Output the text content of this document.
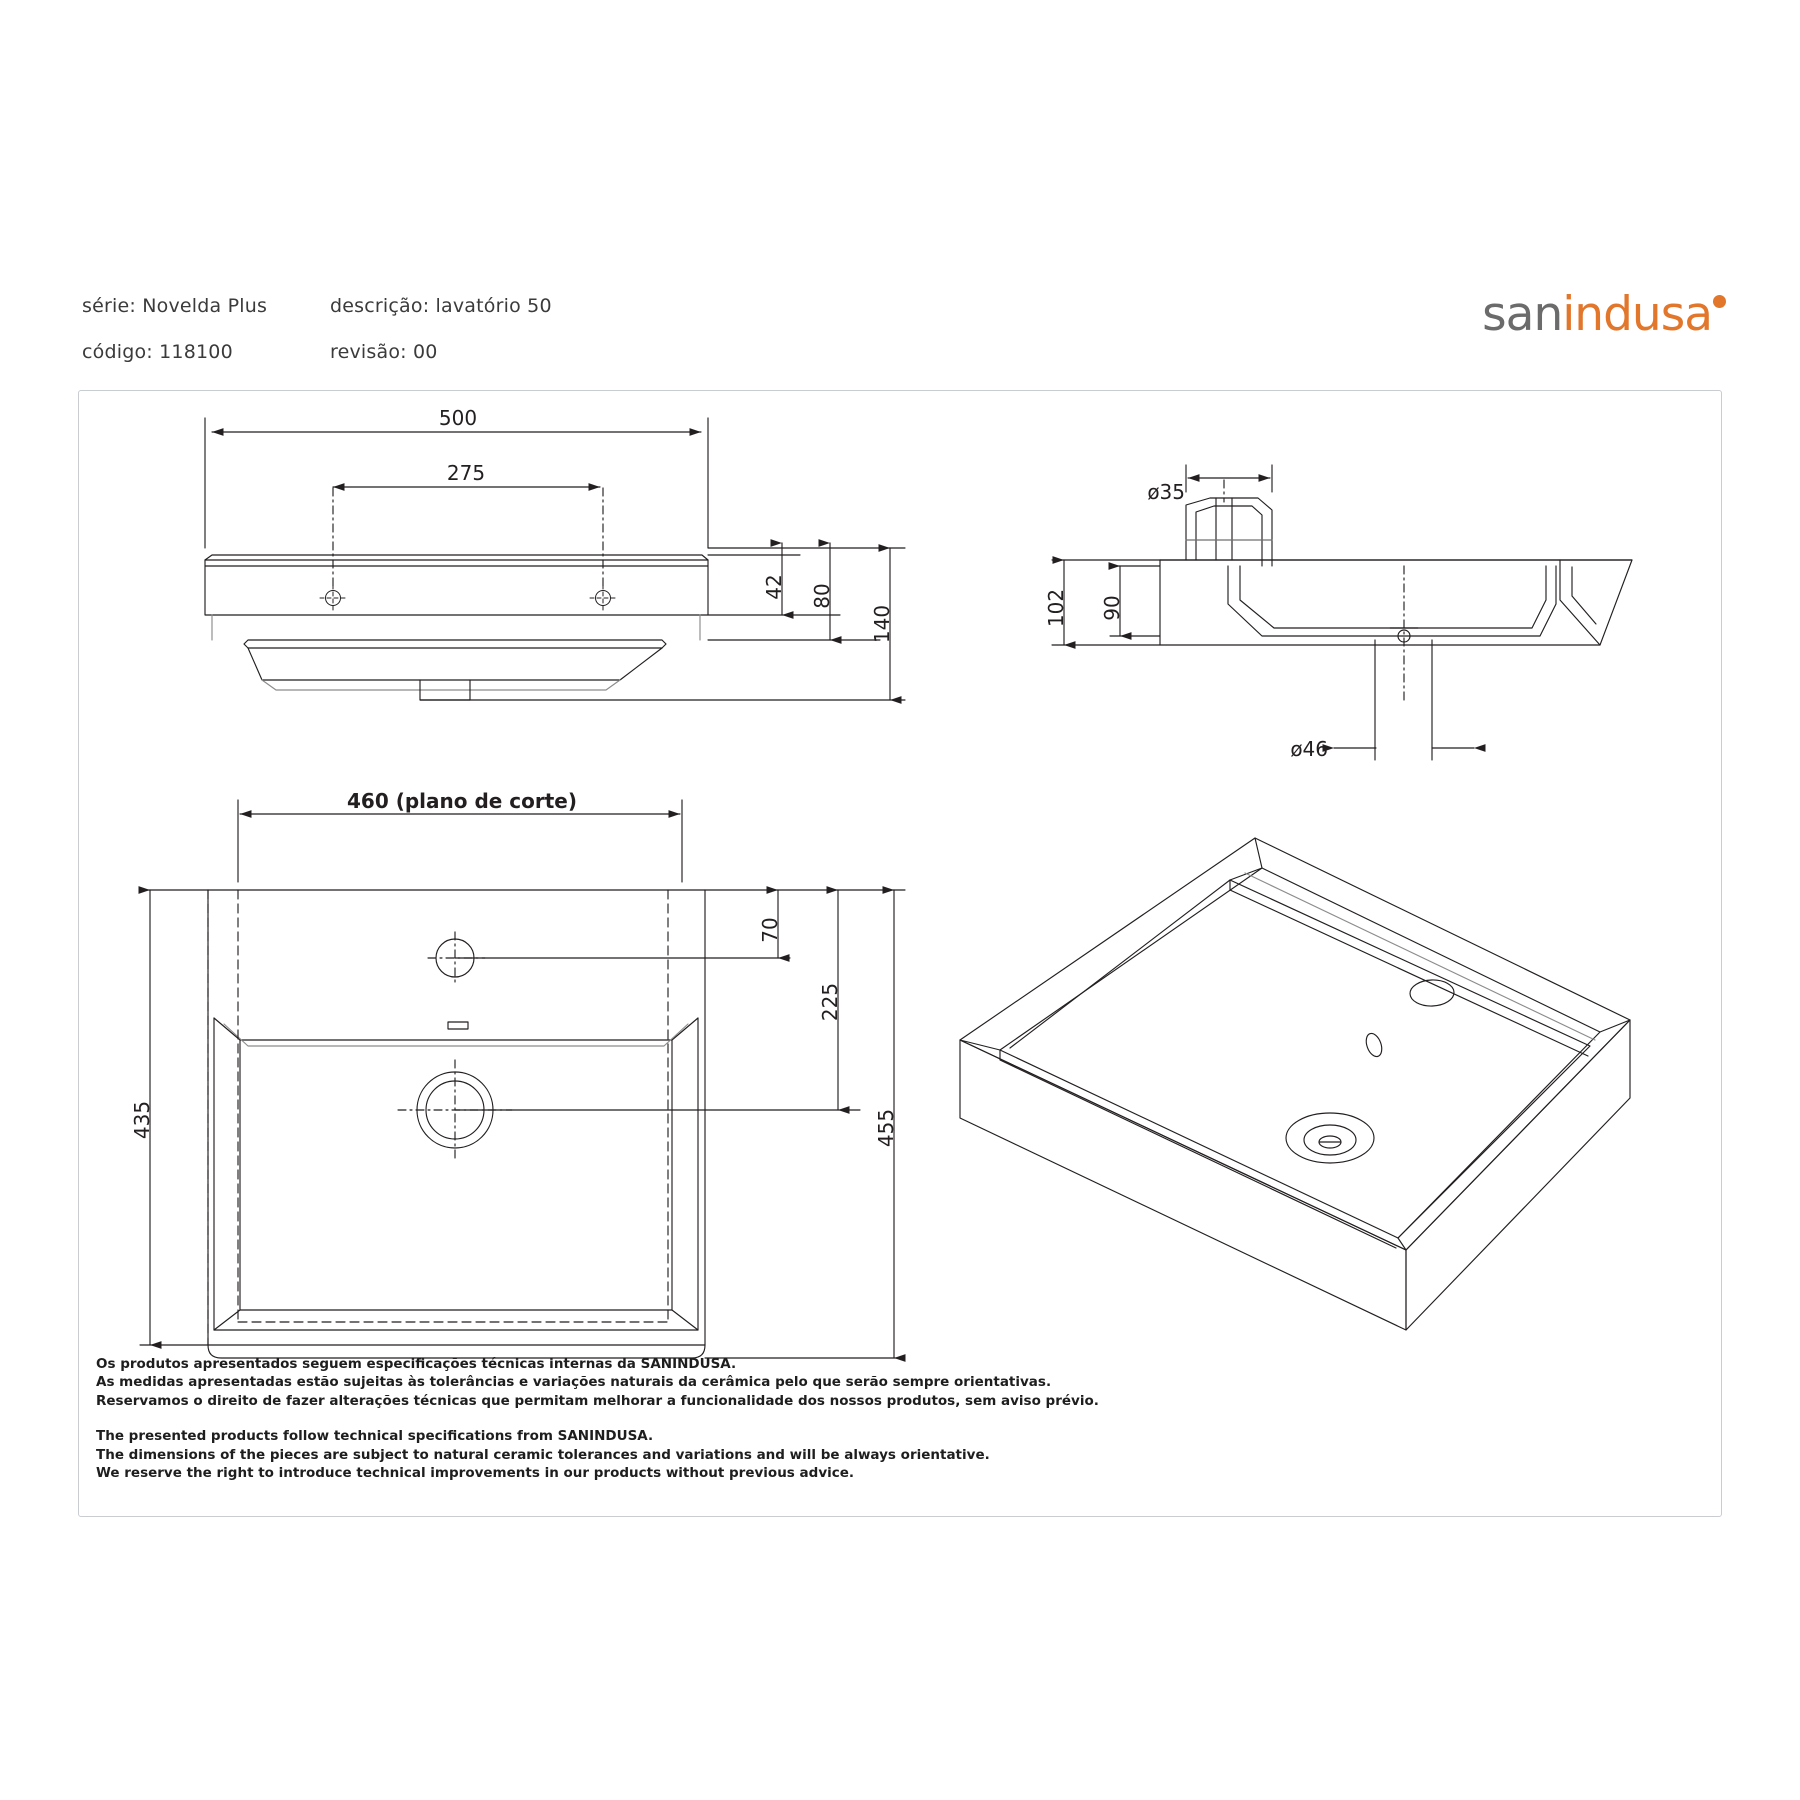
série: Novelda Plus	descrição: lavatório 50
código: 118100	revisão: 00
sanindusa
500
275
42 80
140
ø35
102 90
ø46
460 (plano de corte)
70
225
435	455

Os produtos apresentados seguem especificações técnicas internas da SANINDUSA.

As medidas apresentadas estão sujeitas às tolerâncias e variações naturais da cerâmica pelo que serão sempre orientativas.

Reservamos o direito de fazer alterações técnicas que permitam melhorar a funcionalidade dos nossos produtos, sem aviso prévio.

The presented products follow technical specifications from SANINDUSA.

The dimensions of the pieces are subject to natural ceramic tolerances and variations and will be always orientative.

We reserve the right to introduce technical improvements in our products without previous advice.
